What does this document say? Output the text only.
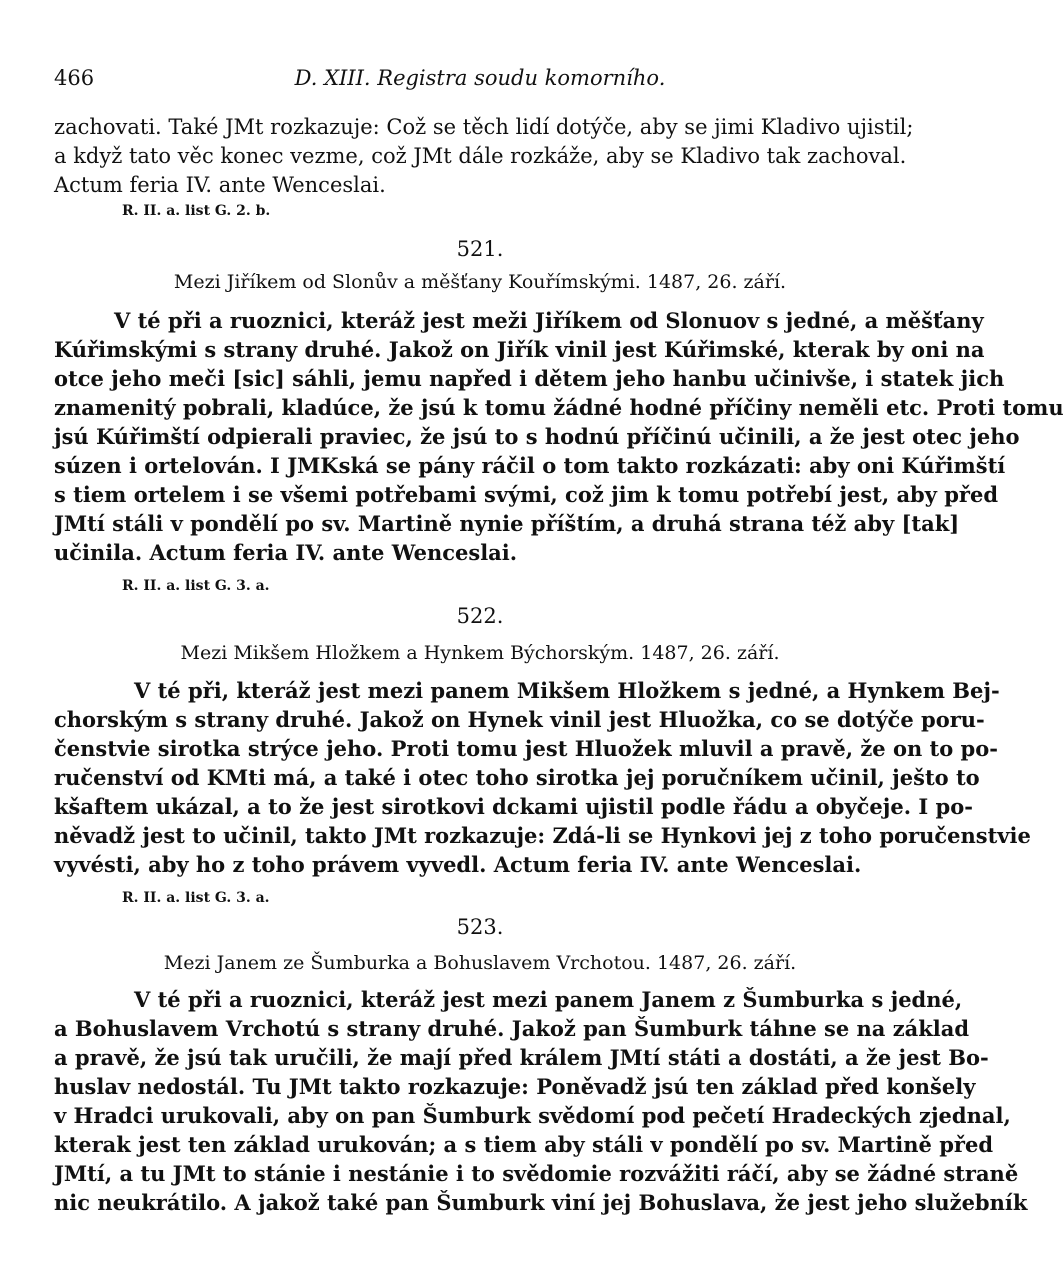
466	D. XIII. Registra soudu komorního.
zachovati. Také JMt rozkazuje: Což se těch lidí dotýče, aby se jimi Kladivo ujistil;
a když tato věc konec vezme, což JMt dále rozkáže, aby se Kladivo tak zachoval.
Actum feria IV. ante Wenceslai.
R. II. a. list G. 2. b.
521.
Mezi Jiříkem od Slonův a měšťany Kouřímskými. 1487, 26. září.
V té při a ruoznici, kteráž jest meži Jiříkem od Slonuov s jedné, a měšťany
Kúřimskými s strany druhé. Jakož on Jiřík vinil jest Kúřimské, kterak by oni na
otce jeho meči [sic] sáhli, jemu napřed i dětem jeho hanbu učinivše, i statek jich
znamenitý pobrali, kladúce, že jsú k tomu žádné hodné příčiny neměli etc. Proti tomu
jsú Kúřimští odpierali praviec, že jsú to s hodnú příčinú učinili, a že jest otec jeho
súzen i ortelován. I JMKská se pány ráčil o tom takto rozkázati: aby oni Kúřimští
s tiem ortelem i se všemi potřebami svými, což jim k tomu potřebí jest, aby před
JMtí stáli v pondělí po sv. Martině nynie příštím, a druhá strana též aby [tak]
učinila. Actum feria IV. ante Wenceslai.
R. II. a. list G. 3. a.
522.
Mezi Mikšem Hložkem a Hynkem Býchorským. 1487, 26. září.
V té při, kteráž jest mezi panem Mikšem Hložkem s jedné, a Hynkem Bej-
chorským s strany druhé. Jakož on Hynek vinil jest Hluožka, co se dotýče poru-
čenstvie sirotka strýce jeho. Proti tomu jest Hluožek mluvil a pravě, že on to po-
ručenství od KMti má, a také i otec toho sirotka jej poručníkem učinil, ješto to
kšaftem ukázal, a to že jest sirotkovi dckami ujistil podle řádu a obyčeje. I po-
něvadž jest to učinil, takto JMt rozkazuje: Zdá-li se Hynkovi jej z toho poručenstvie
vyvésti, aby ho z toho právem vyvedl. Actum feria IV. ante Wenceslai.
R. II. a. list G. 3. a.
523.
Mezi Janem ze Šumburka a Bohuslavem Vrchotou. 1487, 26. září.
V té při a ruoznici, kteráž jest mezi panem Janem z Šumburka s jedné,
a Bohuslavem Vrchotú s strany druhé. Jakož pan Šumburk táhne se na základ
a pravě, že jsú tak uručili, že mají před králem JMtí státi a dostáti, a že jest Bo-
huslav nedostál. Tu JMt takto rozkazuje: Poněvadž jsú ten základ před konšely
v Hradci urukovali, aby on pan Šumburk svědomí pod pečetí Hradeckých zjednal,
kterak jest ten základ urukován; a s tiem aby stáli v pondělí po sv. Martině před
JMtí, a tu JMt to stánie i nestánie i to svědomie rozvážiti ráčí, aby se žádné straně
nic neukrátilo. A jakož také pan Šumburk viní jej Bohuslava, že jest jeho služebník
